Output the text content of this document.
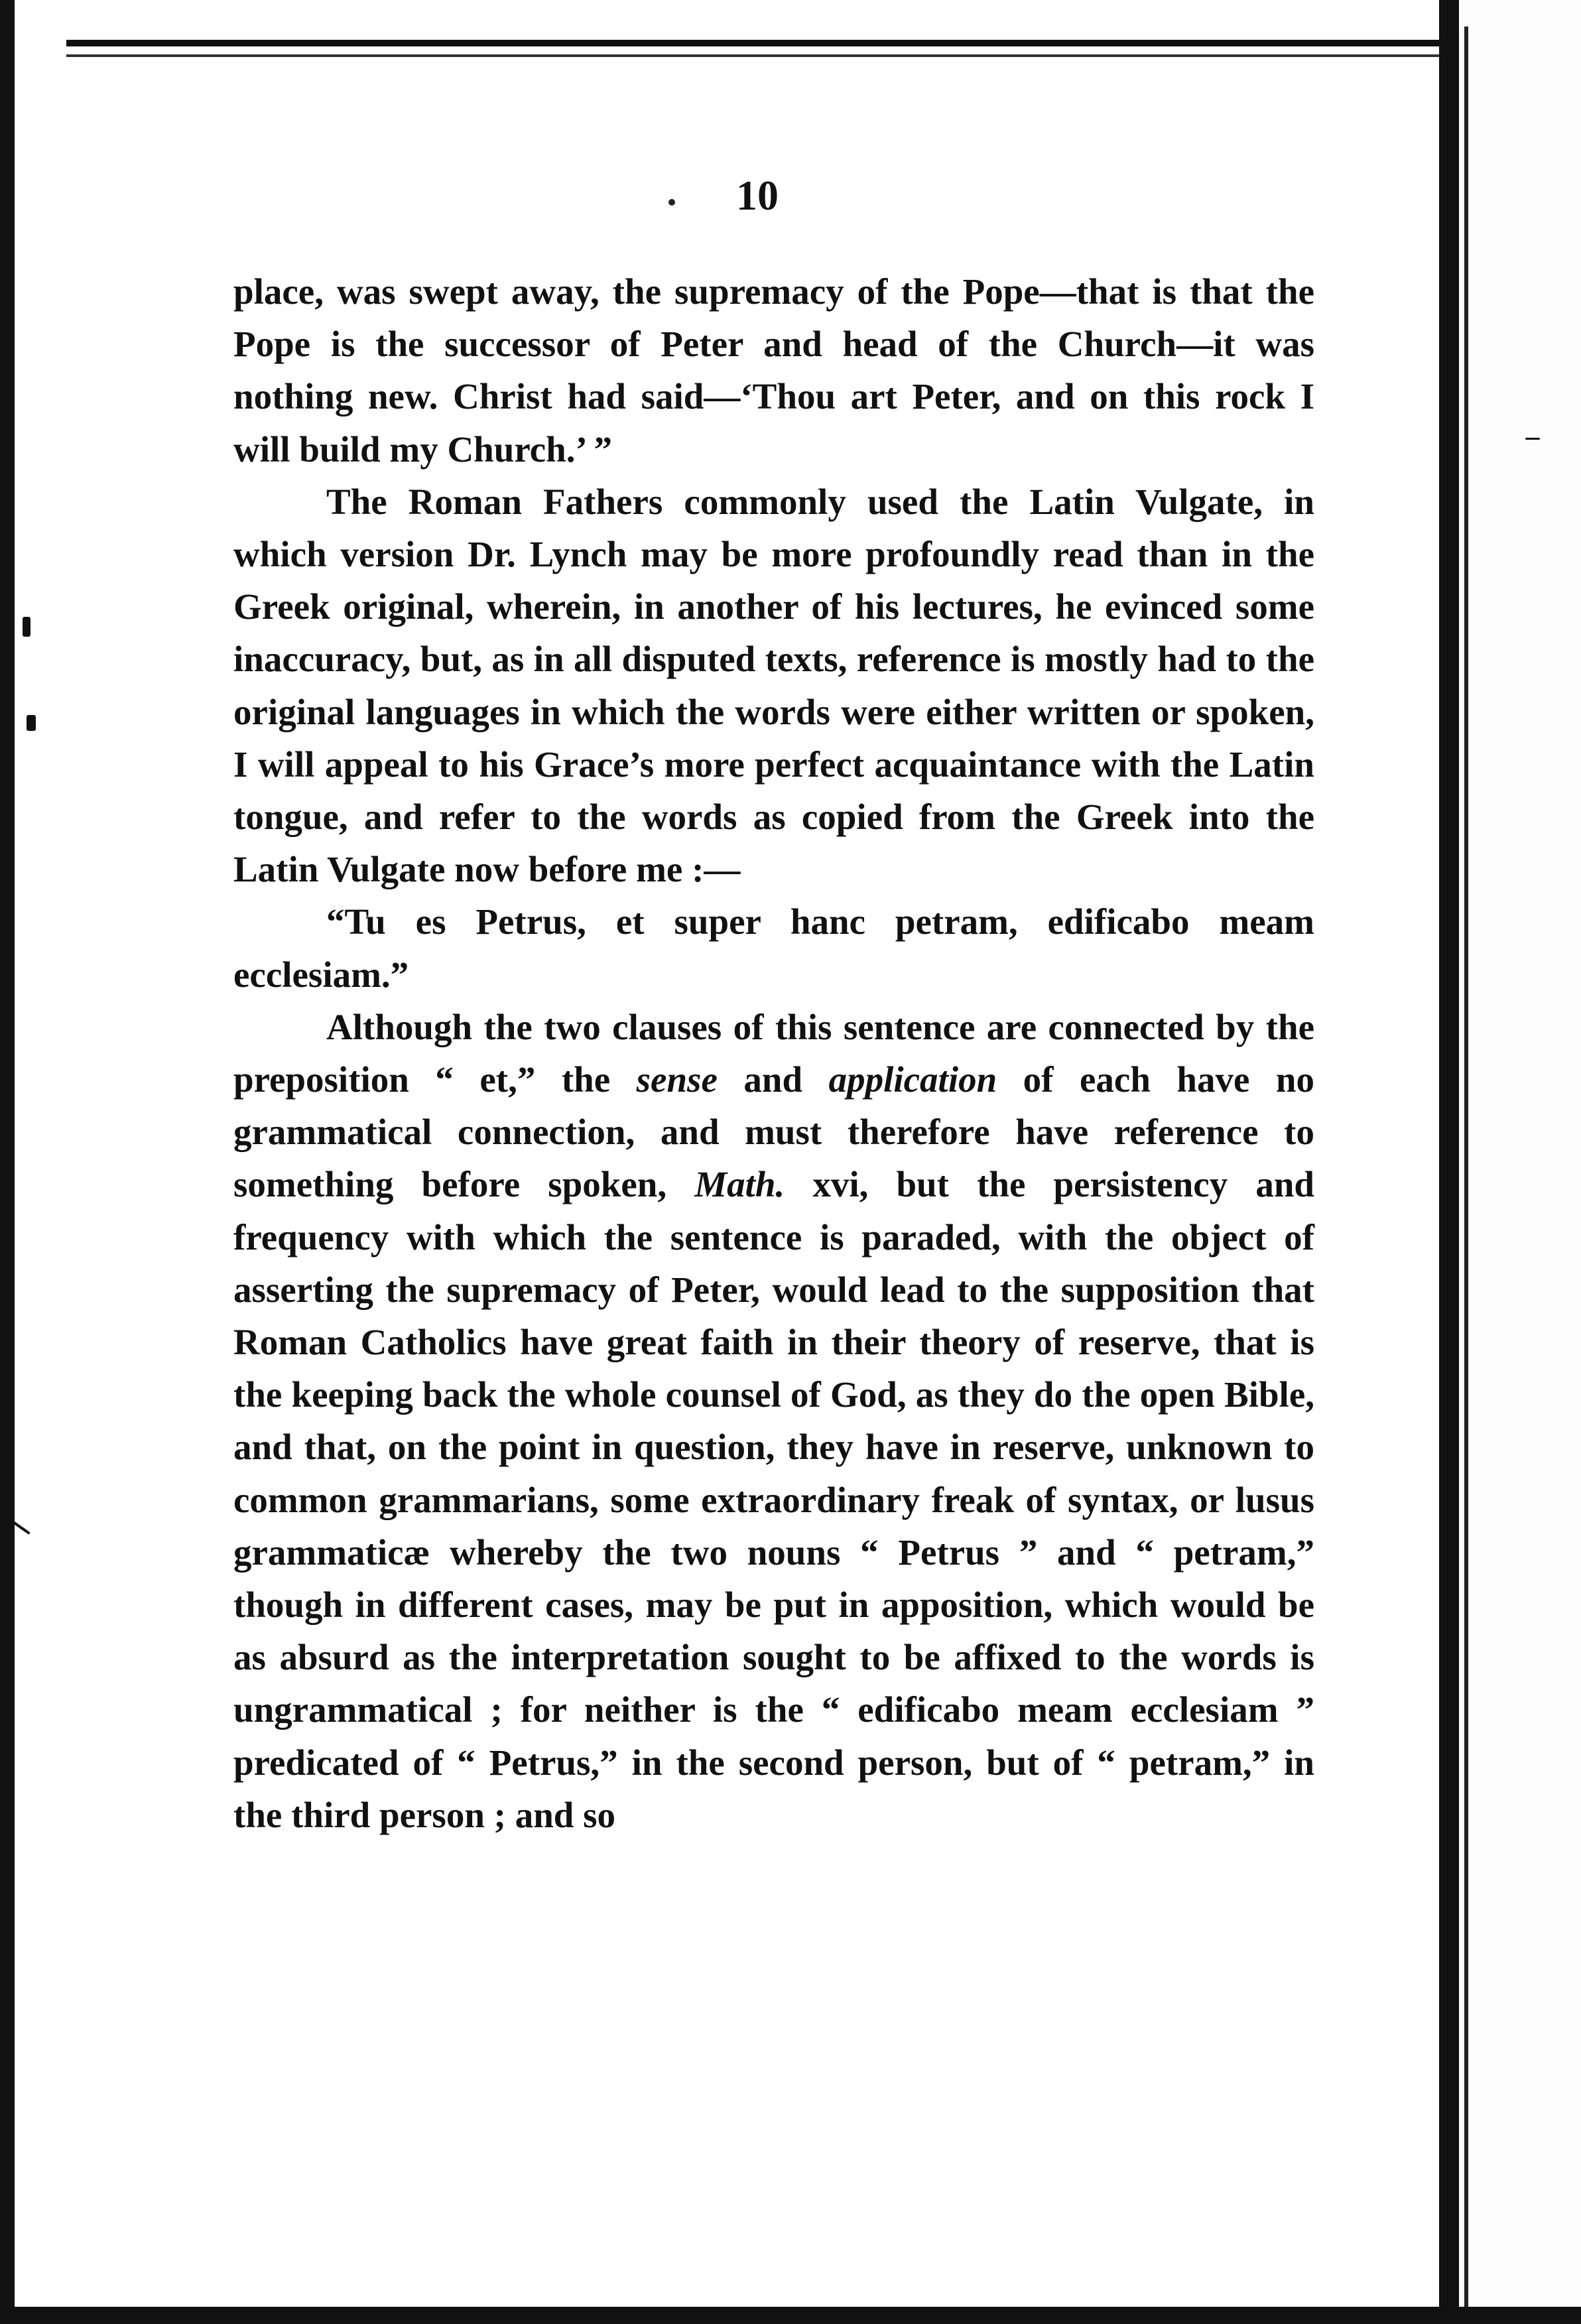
10

place, was swept away, the supremacy of the Pope—that is that the Pope is the successor of Peter and head of the Church—it was nothing new. Christ had said—‘Thou art Peter, and on this rock I will build my Church.’ ”

The Roman Fathers commonly used the Latin Vulgate, in which version Dr. Lynch may be more profoundly read than in the Greek original, wherein, in another of his lectures, he evinced some inaccuracy, but, as in all disputed texts, reference is mostly had to the original languages in which the words were either written or spoken, I will appeal to his Grace’s more perfect acquaintance with the Latin tongue, and refer to the words as copied from the Greek into the Latin Vulgate now before me :—

“Tu es Petrus, et super hanc petram, edificabo meam ecclesiam.”

Although the two clauses of this sentence are connected by the preposition “ et,” the sense and application of each have no grammatical connection, and must therefore have reference to something before spoken, Math. xvi, but the persistency and frequency with which the sentence is paraded, with the object of asserting the supremacy of Peter, would lead to the supposition that Roman Catholics have great faith in their theory of reserve, that is the keeping back the whole counsel of God, as they do the open Bible, and that, on the point in question, they have in reserve, unknown to common grammarians, some extraordinary freak of syntax, or lusus grammaticæ whereby the two nouns “ Petrus ” and “ petram,” though in different cases, may be put in apposition, which would be as absurd as the interpretation sought to be affixed to the words is ungrammatical ; for neither is the “ edificabo meam ecclesiam ” predicated of “ Petrus,” in the second person, but of “ petram,” in the third person ; and so
